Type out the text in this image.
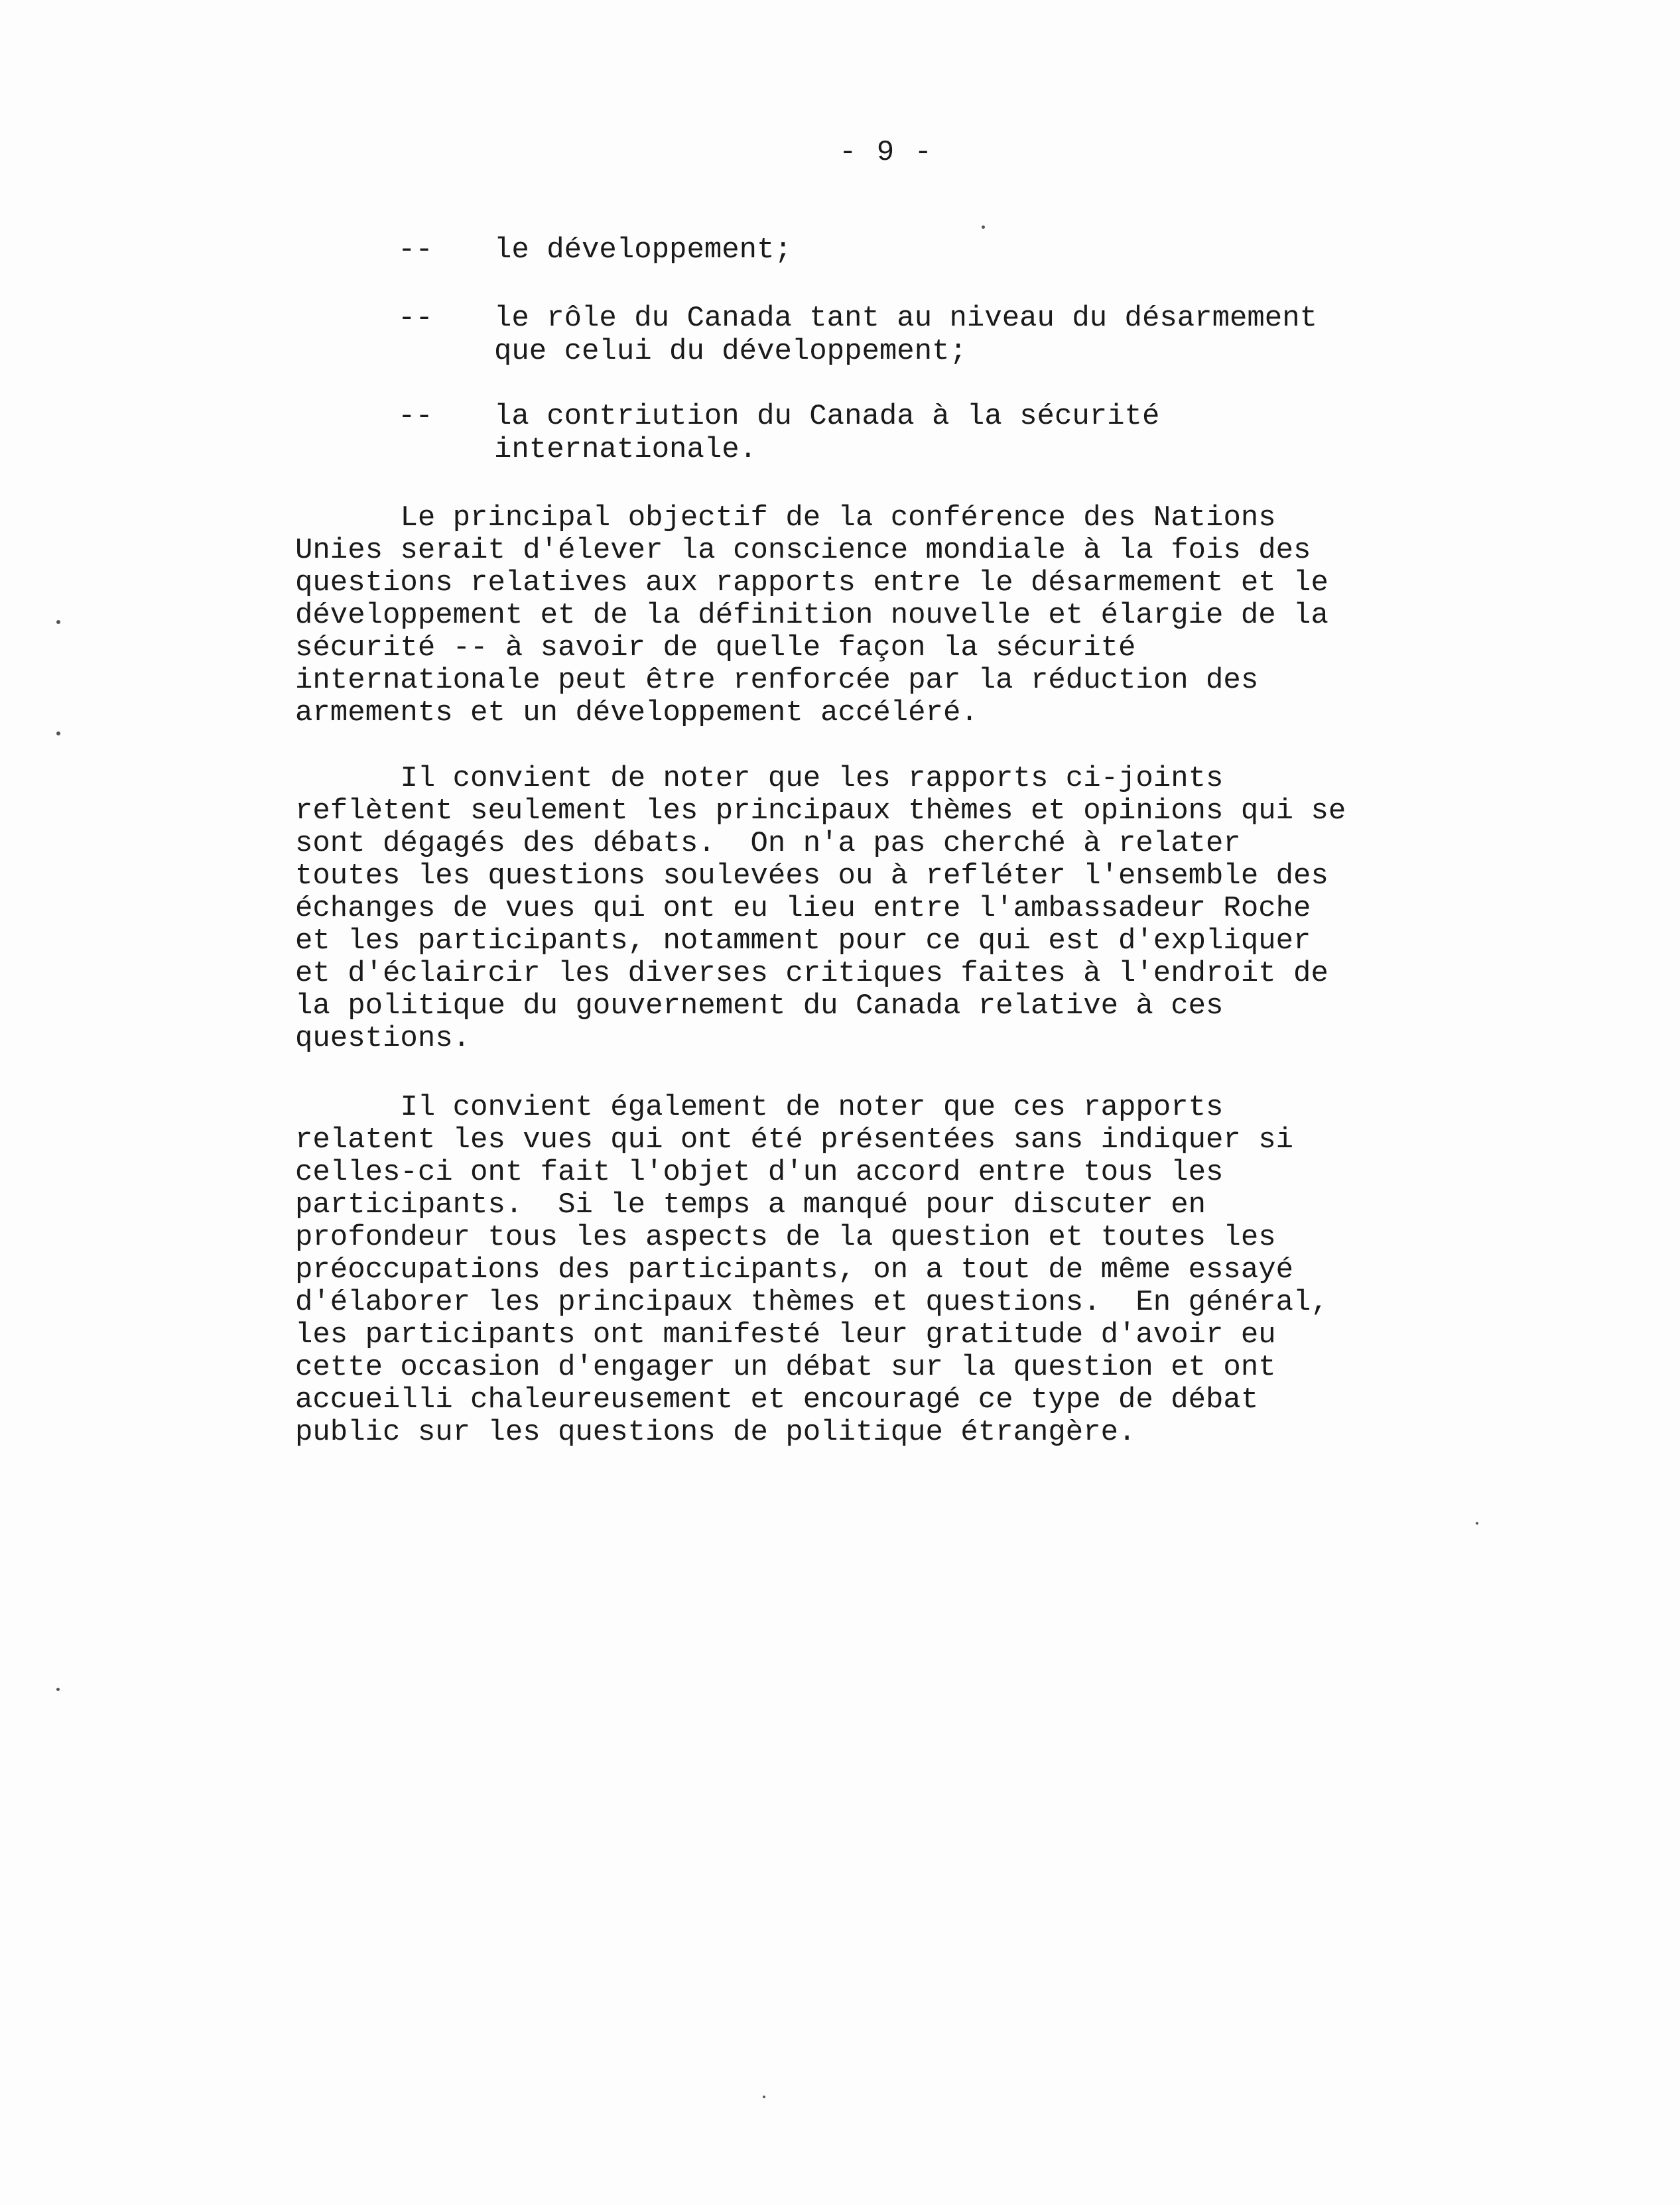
- 9 -
--	le développement;
--	le rôle du Canada tant au niveau du désarmement
que celui du développement;
--	la contriution du Canada à la sécurité
internationale.
Le principal objectif de la conférence des Nations
Unies serait d'élever la conscience mondiale à la fois des
questions relatives aux rapports entre le désarmement et le
développement et de la définition nouvelle et élargie de la
sécurité -- à savoir de quelle façon la sécurité
internationale peut être renforcée par la réduction des
armements et un développement accéléré.
Il convient de noter que les rapports ci-joints
reflètent seulement les principaux thèmes et opinions qui se
sont dégagés des débats.  On n'a pas cherché à relater
toutes les questions soulevées ou à refléter l'ensemble des
échanges de vues qui ont eu lieu entre l'ambassadeur Roche
et les participants, notamment pour ce qui est d'expliquer
et d'éclaircir les diverses critiques faites à l'endroit de
la politique du gouvernement du Canada relative à ces
questions.
Il convient également de noter que ces rapports
relatent les vues qui ont été présentées sans indiquer si
celles-ci ont fait l'objet d'un accord entre tous les
participants.  Si le temps a manqué pour discuter en
profondeur tous les aspects de la question et toutes les
préoccupations des participants, on a tout de même essayé
d'élaborer les principaux thèmes et questions.  En général,
les participants ont manifesté leur gratitude d'avoir eu
cette occasion d'engager un débat sur la question et ont
accueilli chaleureusement et encouragé ce type de débat
public sur les questions de politique étrangère.
